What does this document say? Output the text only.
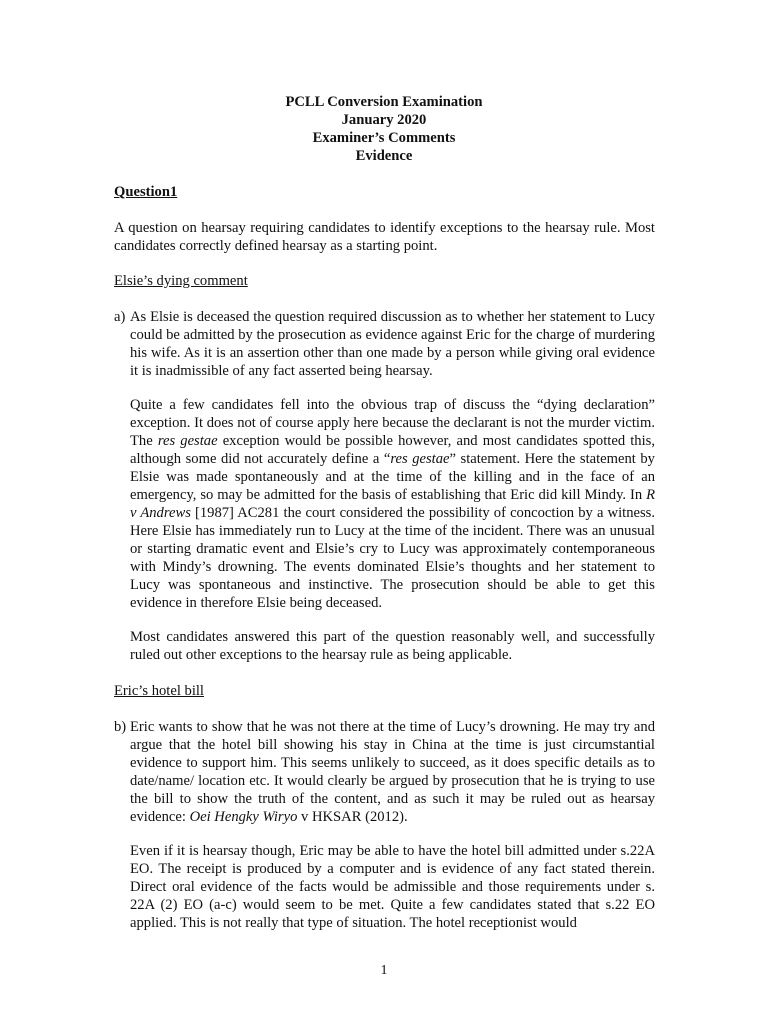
PCLL Conversion Examination
January 2020
Examiner’s Comments
Evidence
Question1
A question on hearsay requiring candidates to identify exceptions to the hearsay rule. Most candidates correctly defined hearsay as a starting point.
Elsie’s dying comment
a) As Elsie is deceased the question required discussion as to whether her statement to Lucy could be admitted by the prosecution as evidence against Eric for the charge of murdering his wife. As it is an assertion other than one made by a person while giving oral evidence it is inadmissible of any fact asserted being hearsay.
Quite a few candidates fell into the obvious trap of discuss the “dying declaration” exception. It does not of course apply here because the declarant is not the murder victim. The res gestae exception would be possible however, and most candidates spotted this, although some did not accurately define a “res gestae” statement. Here the statement by Elsie was made spontaneously and at the time of the killing and in the face of an emergency, so may be admitted for the basis of establishing that Eric did kill Mindy. In R v Andrews [1987] AC281 the court considered the possibility of concoction by a witness. Here Elsie has immediately run to Lucy at the time of the incident. There was an unusual or starting dramatic event and Elsie’s cry to Lucy was approximately contemporaneous with Mindy’s drowning. The events dominated Elsie’s thoughts and her statement to Lucy was spontaneous and instinctive. The prosecution should be able to get this evidence in therefore Elsie being deceased.
Most candidates answered this part of the question reasonably well, and successfully ruled out other exceptions to the hearsay rule as being applicable.
Eric’s hotel bill
b) Eric wants to show that he was not there at the time of Lucy’s drowning. He may try and argue that the hotel bill showing his stay in China at the time is just circumstantial evidence to support him. This seems unlikely to succeed, as it does specific details as to date/name/ location etc. It would clearly be argued by prosecution that he is trying to use the bill to show the truth of the content, and as such it may be ruled out as hearsay evidence: Oei Hengky Wiryo v HKSAR (2012).
Even if it is hearsay though, Eric may be able to have the hotel bill admitted under s.22A EO. The receipt is produced by a computer and is evidence of any fact stated therein. Direct oral evidence of the facts would be admissible and those requirements under s. 22A (2) EO (a-c) would seem to be met. Quite a few candidates stated that s.22 EO applied. This is not really that type of situation. The hotel receptionist would
1
